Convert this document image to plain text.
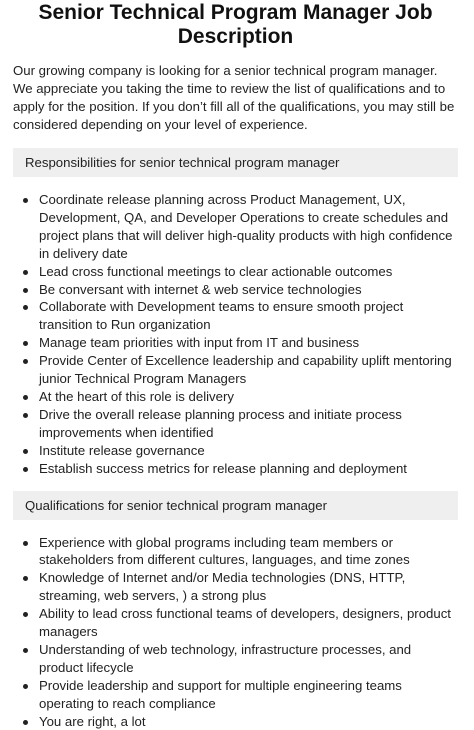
Senior Technical Program Manager Job Description

Our growing company is looking for a senior technical program manager. We appreciate you taking the time to review the list of qualifications and to apply for the position. If you don’t fill all of the qualifications, you may still be considered depending on your level of experience.

Responsibilities for senior technical program manager
Coordinate release planning across Product Management, UX, Development, QA, and Developer Operations to create schedules and project plans that will deliver high-quality products with high confidence in delivery date
Lead cross functional meetings to clear actionable outcomes
Be conversant with internet & web service technologies
Collaborate with Development teams to ensure smooth project transition to Run organization
Manage team priorities with input from IT and business
Provide Center of Excellence leadership and capability uplift mentoring junior Technical Program Managers
At the heart of this role is delivery
Drive the overall release planning process and initiate process improvements when identified
Institute release governance
Establish success metrics for release planning and deployment
Qualifications for senior technical program manager
Experience with global programs including team members or stakeholders from different cultures, languages, and time zones
Knowledge of Internet and/or Media technologies (DNS, HTTP, streaming, web servers, ) a strong plus
Ability to lead cross functional teams of developers, designers, product managers
Understanding of web technology, infrastructure processes, and product lifecycle
Provide leadership and support for multiple engineering teams operating to reach compliance
You are right, a lot
